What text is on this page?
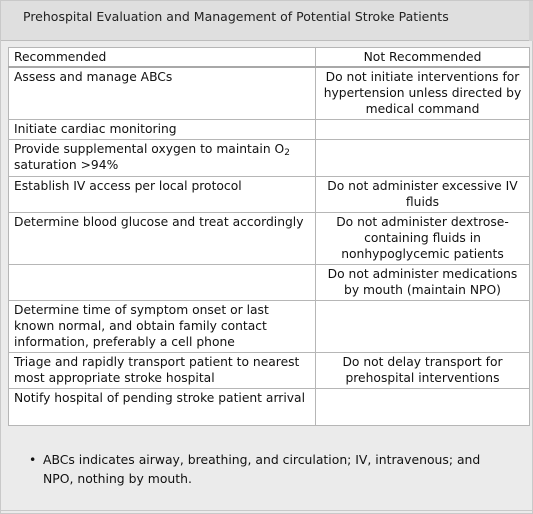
Prehospital Evaluation and Management of Potential Stroke Patients
Recommended	Not Recommended
Assess and manage ABCs	Do not initiate interventions for hypertension unless directed by medical command
Initiate cardiac monitoring	
Provide supplemental oxygen to maintain $O_2$ saturation >94%	
Establish IV access per local protocol	Do not administer excessive IV fluids
Determine blood glucose and treat accordingly	Do not administer dextrose-containing fluids in nonhypoglycemic patients
	Do not administer medications by mouth (maintain NPO)
Determine time of symptom onset or last known normal, and obtain family contact information, preferably a cell phone	
Triage and rapidly transport patient to nearest most appropriate stroke hospital	Do not delay transport for prehospital interventions
Notify hospital of pending stroke patient arrival	
• ABCs indicates airway, breathing, and circulation; IV, intravenous; and NPO, nothing by mouth.
